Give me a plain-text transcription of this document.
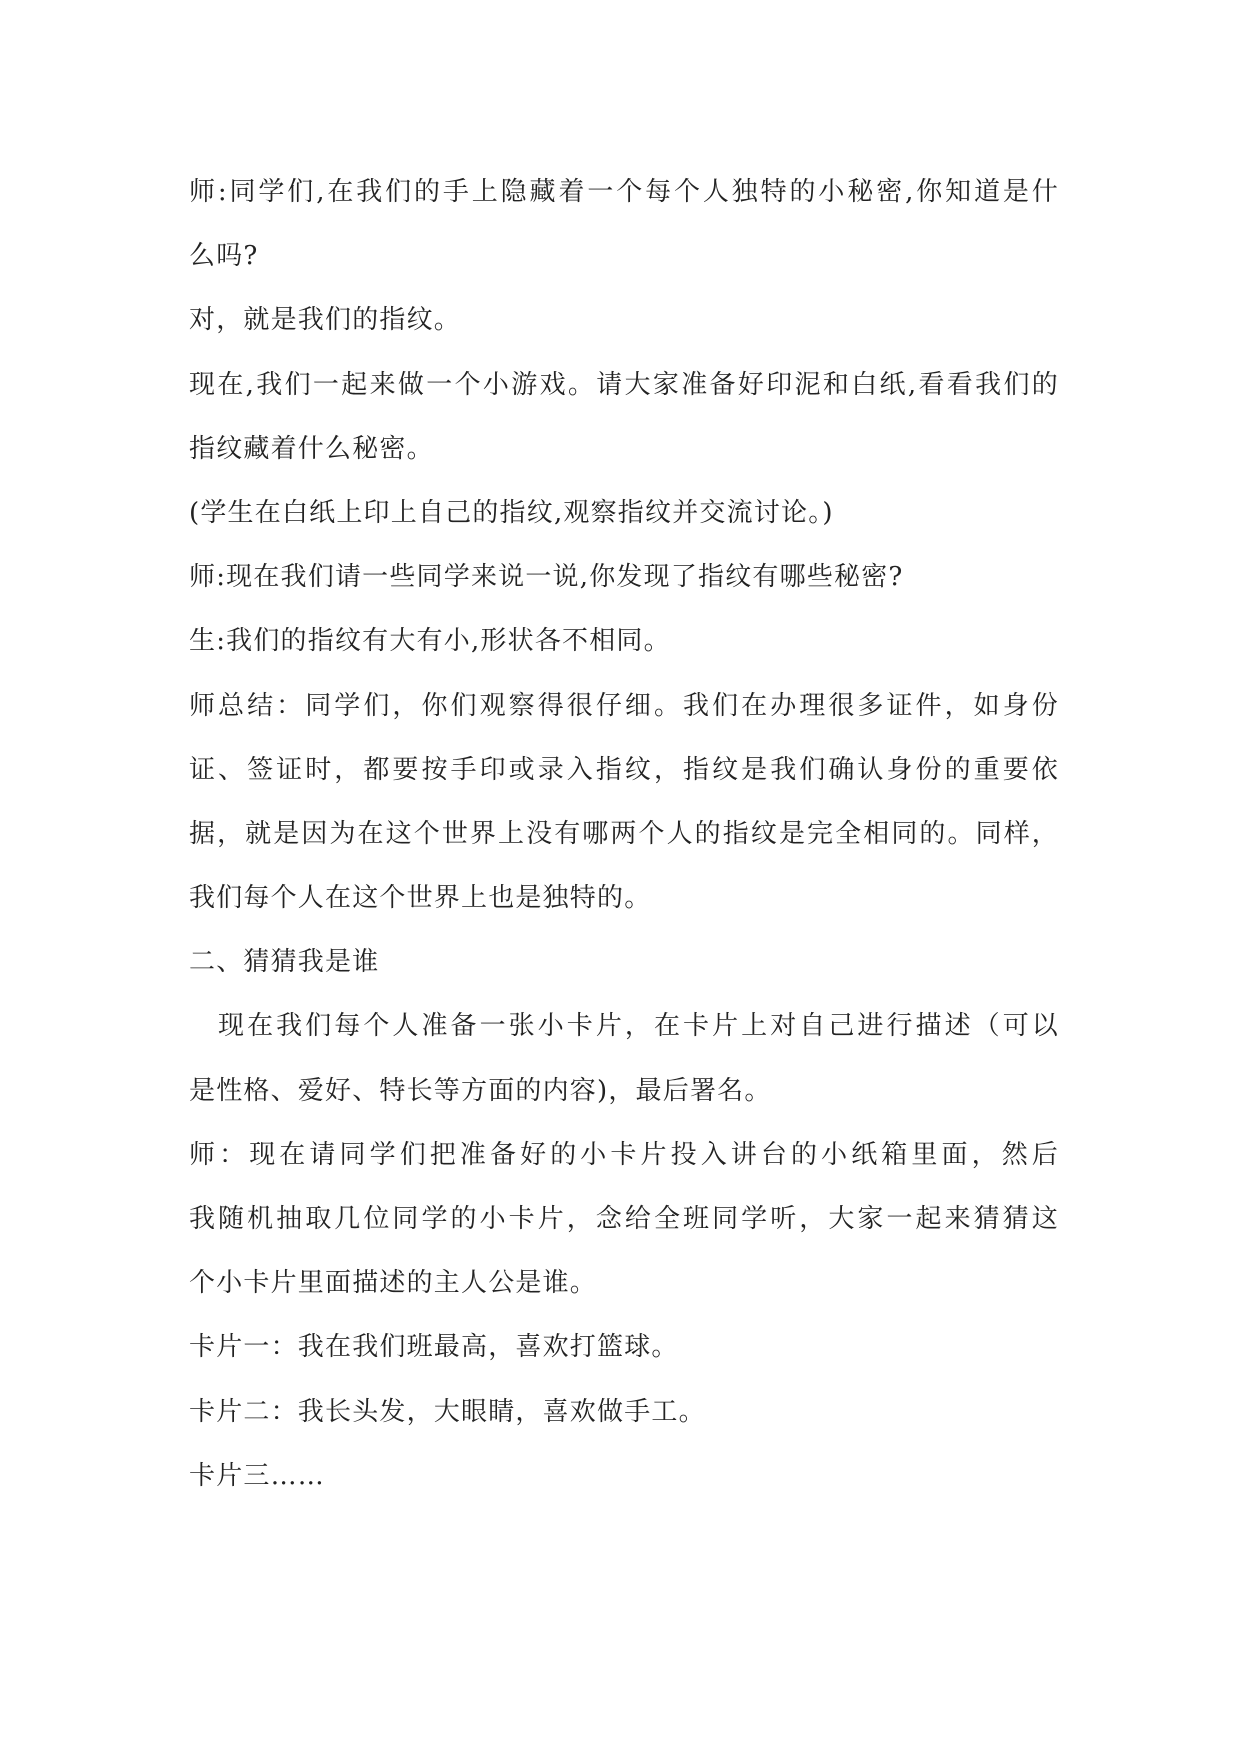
师:同学们,在我们的手上隐藏着一个每个人独特的小秘密,你知道是什
么吗?
对，就是我们的指纹。
现在,我们一起来做一个小游戏。请大家准备好印泥和白纸,看看我们的
指纹藏着什么秘密。
(学生在白纸上印上自己的指纹,观察指纹并交流讨论。)
师:现在我们请一些同学来说一说,你发现了指纹有哪些秘密?
生:我们的指纹有大有小,形状各不相同。
师总结：同学们，你们观察得很仔细。我们在办理很多证件，如身份
证、签证时，都要按手印或录入指纹，指纹是我们确认身份的重要依
据，就是因为在这个世界上没有哪两个人的指纹是完全相同的。同样，
我们每个人在这个世界上也是独特的。
二、猜猜我是谁
　现在我们每个人准备一张小卡片，在卡片上对自己进行描述（可以
是性格、爱好、特长等方面的内容)，最后署名。
师：现在请同学们把准备好的小卡片投入讲台的小纸箱里面，然后
我随机抽取几位同学的小卡片，念给全班同学听，大家一起来猜猜这
个小卡片里面描述的主人公是谁。
卡片一：我在我们班最高，喜欢打篮球。
卡片二：我长头发，大眼睛，喜欢做手工。
卡片三……
